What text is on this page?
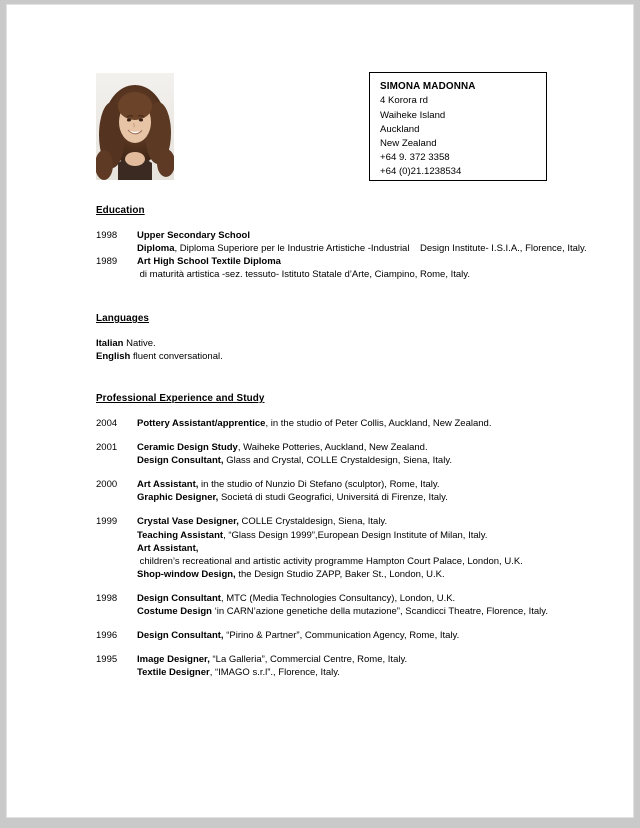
SIMONA MADONNA
4 Korora rd
Waiheke Island
Auckland
New Zealand
+64 9. 372 3358
+64 (0)21.1238534
Education
1998	Upper Secondary School Diploma, Diploma Superiore per le Industrie Artistiche -Industrial    Design Institute- I.S.I.A., Florence, Italy.

1989	Art High School Textile Diploma di maturità artistica -sez. tessuto- Istituto Statale d’Arte, Ciampino, Rome, Italy.

Languages
Italian Native.
English fluent conversational.
Professional Experience and Study
2004	Pottery Assistant/apprentice, in the studio of Peter Collis, Auckland, New Zealand.

2001	Ceramic Design Study, Waiheke Potteries, Auckland, New Zealand.

Design Consultant, Glass and Crystal, COLLE Crystaldesign, Siena, Italy.

2000	Art Assistant, in the studio of Nunzio Di Stefano (sculptor), Rome, Italy.

Graphic Designer, Societá di studi Geografici, Universitá di Firenze, Italy.

1999	Crystal Vase Designer, COLLE Crystaldesign, Siena, Italy.

Teaching Assistant, “Glass Design 1999”,European Design Institute of Milan, Italy.

Art Assistant, children’s recreational and artistic activity programme Hampton Court Palace, London, U.K.

Shop-window Design, the Design Studio ZAPP, Baker St., London, U.K.

1998	Design Consultant, MTC (Media Technologies Consultancy), London, U.K.

Costume Design ‘in CARN’azione genetiche della mutazione”, Scandicci Theatre, Florence, Italy.

1996	Design Consultant, “Pirino & Partner”, Communication Agency, Rome, Italy.

1995	Image Designer, “La Galleria”, Commercial Centre, Rome, Italy.

Textile Designer, “IMAGO s.r.l”., Florence, Italy.
